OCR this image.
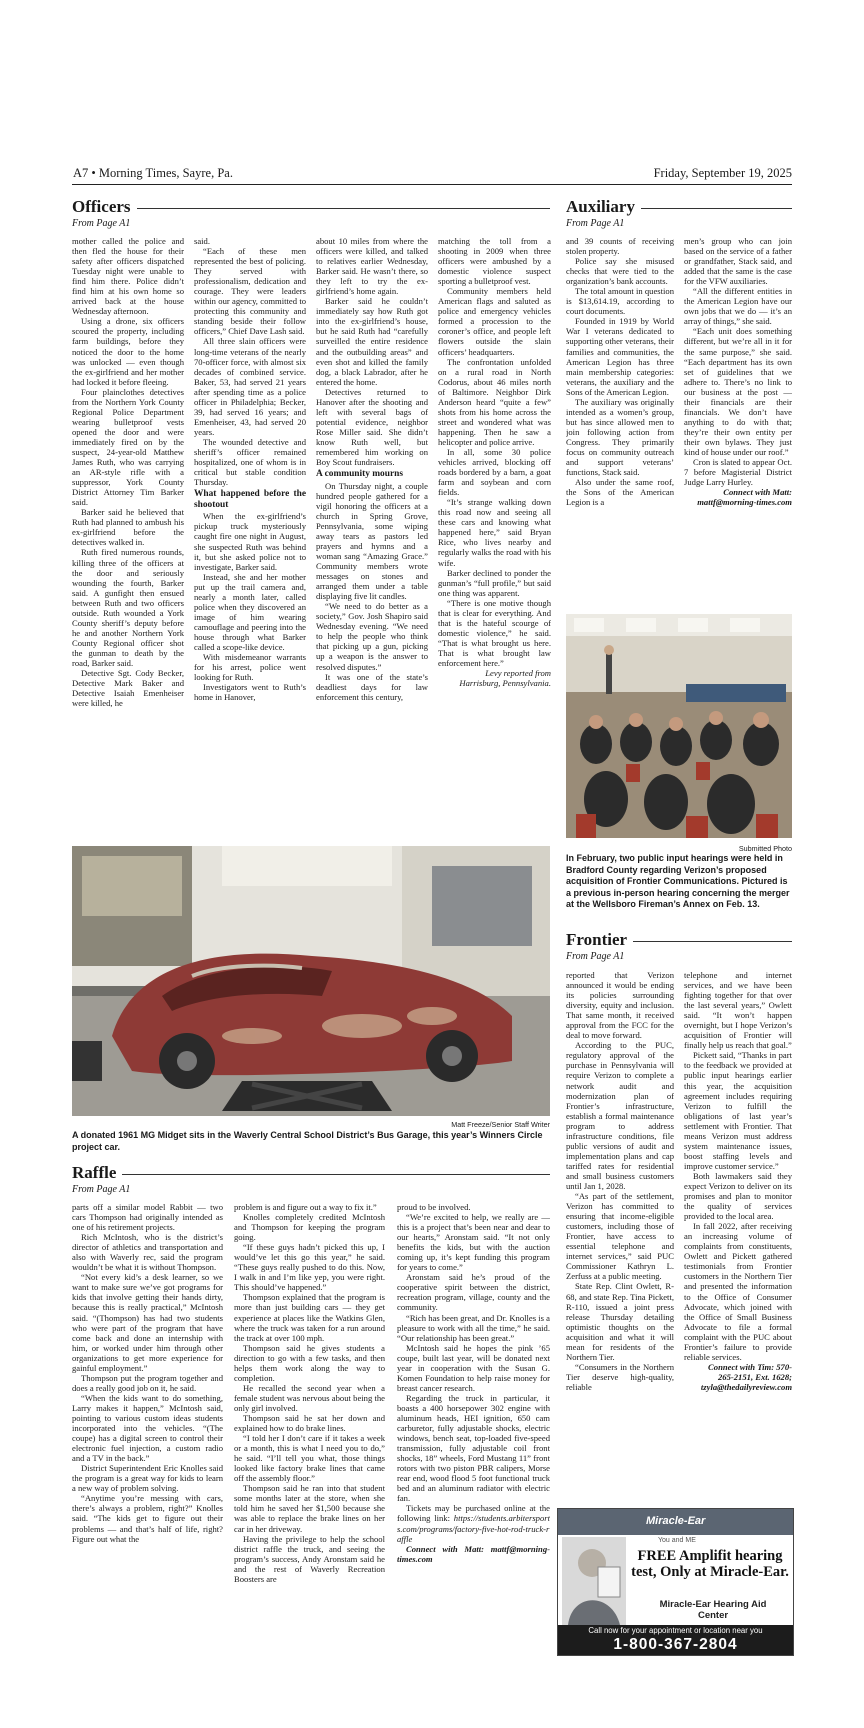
A7 • Morning Times, Sayre, Pa.	Friday, September 19, 2025
Officers
From Page A1

mother called the police and then fled the house for their safety after officers dispatched Tuesday night were unable to find him there. Police didn’t find him at his own home so arrived back at the house Wednesday afternoon.

Using a drone, six officers scoured the property, including farm buildings, before they noticed the door to the home was unlocked — even though the ex-girlfriend and her mother had locked it before fleeing.

Four plainclothes detectives from the Northern York County Regional Police Department wearing bulletproof vests opened the door and were immediately fired on by the suspect, 24-year-old Matthew James Ruth, who was carrying an AR-style rifle with a suppressor, York County District Attorney Tim Barker said.

Barker said he believed that Ruth had planned to ambush his ex-girlfriend before the detectives walked in.

Ruth fired numerous rounds, killing three of the officers at the door and seriously wounding the fourth, Barker said. A gunfight then ensued between Ruth and two officers outside. Ruth wounded a York County sheriff’s deputy before he and another Northern York County Regional officer shot the gunman to death by the road, Barker said.

Detective Sgt. Cody Becker, Detective Mark Baker and Detective Isaiah Emenheiser were killed, he

said.

“Each of these men represented the best of policing. They served with professionalism, dedication and courage. They were leaders within our agency, committed to protecting this community and standing beside their follow officers,” Chief Dave Lash said.

All three slain officers were long-time veterans of the nearly 70-officer force, with almost six decades of combined service. Baker, 53, had served 21 years after spending time as a police officer in Philadelphia; Becker, 39, had served 16 years; and Emenheiser, 43, had served 20 years.

The wounded detective and sheriff’s officer remained hospitalized, one of whom is in critical but stable condition Thursday.

What happened before the shootout

When the ex-girlfriend’s pickup truck mysteriously caught fire one night in August, she suspected Ruth was behind it, but she asked police not to investigate, Barker said.

Instead, she and her mother put up the trail camera and, nearly a month later, called police when they discovered an image of him wearing camouflage and peering into the house through what Barker called a scope-like device.

With misdemeanor warrants for his arrest, police went looking for Ruth.

Investigators went to Ruth’s home in Hanover,

about 10 miles from where the officers were killed, and talked to relatives earlier Wednesday, Barker said. He wasn’t there, so they left to try the ex-girlfriend’s home again.

Barker said he couldn’t immediately say how Ruth got into the ex-girlfriend’s house, but he said Ruth had “carefully surveilled the entire residence and the outbuilding areas” and even shot and killed the family dog, a black Labrador, after he entered the home.

Detectives returned to Hanover after the shooting and left with several bags of potential evidence, neighbor Rose Miller said. She didn’t know Ruth well, but remembered him working on Boy Scout fundraisers.

A community mourns

On Thursday night, a couple hundred people gathered for a vigil honoring the officers at a church in Spring Grove, Pennsylvania, some wiping away tears as pastors led prayers and hymns and a woman sang “Amazing Grace.” Community members wrote messages on stones and arranged them under a table displaying five lit candles.

“We need to do better as a society,” Gov. Josh Shapiro said Wednesday evening. “We need to help the people who think that picking up a gun, picking up a weapon is the answer to resolved disputes.”

It was one of the state’s deadliest days for law enforcement this century,

matching the toll from a shooting in 2009 when three officers were ambushed by a domestic violence suspect sporting a bulletproof vest.

Community members held American flags and saluted as police and emergency vehicles formed a procession to the coroner’s office, and people left flowers outside the slain officers’ headquarters.

The confrontation unfolded on a rural road in North Codorus, about 46 miles north of Baltimore. Neighbor Dirk Anderson heard “quite a few” shots from his home across the street and wondered what was happening. Then he saw a helicopter and police arrive.

In all, some 30 police vehicles arrived, blocking off roads bordered by a barn, a goat farm and soybean and corn fields.

“It’s strange walking down this road now and seeing all these cars and knowing what happened here,” said Bryan Rice, who lives nearby and regularly walks the road with his wife.

Barker declined to ponder the gunman’s “full profile,” but said one thing was apparent.

“There is one motive though that is clear for everything. And that is the hateful scourge of domestic violence,” he said. “That is what brought us here. That is what brought law enforcement here.”

Levy reported from Harrisburg, Pennsylvania.

Auxiliary
From Page A1

and 39 counts of receiving stolen property.

Police say she misused checks that were tied to the organization’s bank accounts.

The total amount in question is $13,614.19, according to court documents.

Founded in 1919 by World War I veterans dedicated to supporting other veterans, their families and communities, the American Legion has three main membership categories: veterans, the auxiliary and the Sons of the American Legion.

The auxiliary was originally intended as a women’s group, but has since allowed men to join following action from Congress. They primarily focus on community outreach and support veterans’ functions, Stack said.

Also under the same roof, the Sons of the American Legion is a

men’s group who can join based on the service of a father or grandfather, Stack said, and added that the same is the case for the VFW auxiliaries.

“All the different entities in the American Legion have our own jobs that we do — it’s an array of things,” she said.

“Each unit does something different, but we’re all in it for the same purpose,” she said. “Each department has its own set of guidelines that we adhere to. There’s no link to our business at the post — their financials are their financials. We don’t have anything to do with that; they’re their own entity per their own bylaws. They just kind of house under our roof.”

Cron is slated to appear Oct. 7 before Magisterial District Judge Larry Hurley.

Connect with Matt: mattf@morning-times.com

Submitted Photo
In February, two public input hearings were held in Bradford County regarding Verizon’s proposed acquisition of Frontier Communications. Pictured is a previous in-person hearing concerning the merger at the Wellsboro Fireman’s Annex on Feb. 13.
Frontier
From Page A1

reported that Verizon announced it would be ending its policies surrounding diversity, equity and inclusion. That same month, it received approval from the FCC for the deal to move forward.

According to the PUC, regulatory approval of the purchase in Pennsylvania will require Verizon to complete a network audit and modernization plan of Frontier’s infrastructure, establish a formal maintenance program to address infrastructure conditions, file public versions of audit and implementation plans and cap tariffed rates for residential and small business customers until Jan 1, 2028.

“As part of the settlement, Verizon has committed to ensuring that income-eligible customers, including those of Frontier, have access to essential telephone and internet services,” said PUC Commissioner Kathryn L. Zerfuss at a public meeting.

State Rep. Clint Owlett, R-68, and state Rep. Tina Pickett, R-110, issued a joint press release Thursday detailing optimistic thoughts on the acquisition and what it will mean for residents of the Northern Tier.

“Consumers in the Northern Tier deserve high-quality, reliable

telephone and internet services, and we have been fighting together for that over the last several years,” Owlett said. “It won’t happen overnight, but I hope Verizon’s acquisition of Frontier will finally help us reach that goal.”

Pickett said, “Thanks in part to the feedback we provided at public input hearings earlier this year, the acquisition agreement includes requiring Verizon to fulfill the obligations of last year’s settlement with Frontier. That means Verizon must address system maintenance issues, boost staffing levels and improve customer service.”

Both lawmakers said they expect Verizon to deliver on its promises and plan to monitor the quality of services provided to the local area.

In fall 2022, after receiving an increasing volume of complaints from constituents, Owlett and Pickett gathered testimonials from Frontier customers in the Northern Tier and presented the information to the Office of Consumer Advocate, which joined with the Office of Small Business Advocate to file a formal complaint with the PUC about Frontier’s failure to provide reliable services.

Connect with Tim: 570-265-2151, Ext. 1628; tzyla@thedailyreview.com

Matt Freeze/Senior Staff Writer
A donated 1961 MG Midget sits in the Waverly Central School District’s Bus Garage, this year’s Winners Circle project car.
Raffle
From Page A1

parts off a similar model Rabbit — two cars Thompson had originally intended as one of his retirement projects.

Rich McIntosh, who is the district’s director of athletics and transportation and also with Waverly rec, said the program wouldn’t be what it is without Thompson.

“Not every kid’s a desk learner, so we want to make sure we’ve got programs for kids that involve getting their hands dirty, because this is really practical,” McIntosh said. “(Thompson) has had two students who were part of the program that have come back and done an internship with him, or worked under him through other organizations to get more experience for gainful employment.”

Thompson put the program together and does a really good job on it, he said.

“When the kids want to do something, Larry makes it happen,” McIntosh said, pointing to various custom ideas students incorporated into the vehicles. “(The coupe) has a digital screen to control their electronic fuel injection, a custom radio and a TV in the back.”

District Superintendent Eric Knolles said the program is a great way for kids to learn a new way of problem solving.

“Anytime you’re messing with cars, there’s always a problem, right?” Knolles said. “The kids get to figure out their problems — and that’s half of life, right? Figure out what the

problem is and figure out a way to fix it.”

Knolles completely credited McIntosh and Thompson for keeping the program going.

“If these guys hadn’t picked this up, I would’ve let this go this year,” he said. “These guys really pushed to do this. Now, I walk in and I’m like yep, you were right. This should’ve happened.”

Thompson explained that the program is more than just building cars — they get experience at places like the Watkins Glen, where the truck was taken for a run around the track at over 100 mph.

Thompson said he gives students a direction to go with a few tasks, and then helps them work along the way to completion.

He recalled the second year when a female student was nervous about being the only girl involved.

Thompson said he sat her down and explained how to do brake lines.

“I told her I don’t care if it takes a week or a month, this is what I need you to do,” he said. “I’ll tell you what, those things looked like factory brake lines that came off the assembly floor.”

Thompson said he ran into that student some months later at the store, when she told him he saved her $1,500 because she was able to replace the brake lines on her car in her driveway.

Having the privilege to help the school district raffle the truck, and seeing the program’s success, Andy Aronstam said he and the rest of Waverly Recreation Boosters are

proud to be involved.

“We’re excited to help, we really are — this is a project that’s been near and dear to our hearts,” Aronstam said. “It not only benefits the kids, but with the auction coming up, it’s kept funding this program for years to come.”

Aronstam said he’s proud of the cooperative spirit between the district, recreation program, village, county and the community.

“Rich has been great, and Dr. Knolles is a pleasure to work with all the time,” he said. “Our relationship has been great.”

McIntosh said he hopes the pink ’65 coupe, built last year, will be donated next year in cooperation with the Susan G. Komen Foundation to help raise money for breast cancer research.

Regarding the truck in particular, it boasts a 400 horsepower 302 engine with aluminum heads, HEI ignition, 650 cam carburetor, fully adjustable shocks, electric windows, bench seat, top-loaded five-speed transmission, fully adjustable coil front shocks, 18” wheels, Ford Mustang 11” front rotors with two piston PBR calipers, Morse rear end, wood flood 5 foot functional truck bed and an aluminum radiator with electric fan.

Tickets may be purchased online at the following link: https://students.arbitersports.com/programs/factory-five-hot-rod-truck-raffle

Connect with Matt: mattf@morning-times.com

Miracle-Ear
You and ME
FREE Amplifit hearing test, Only at Miracle-Ear.
Miracle-Ear Hearing Aid Center
Call now for your appointment or location near you
1-800-367-2804
